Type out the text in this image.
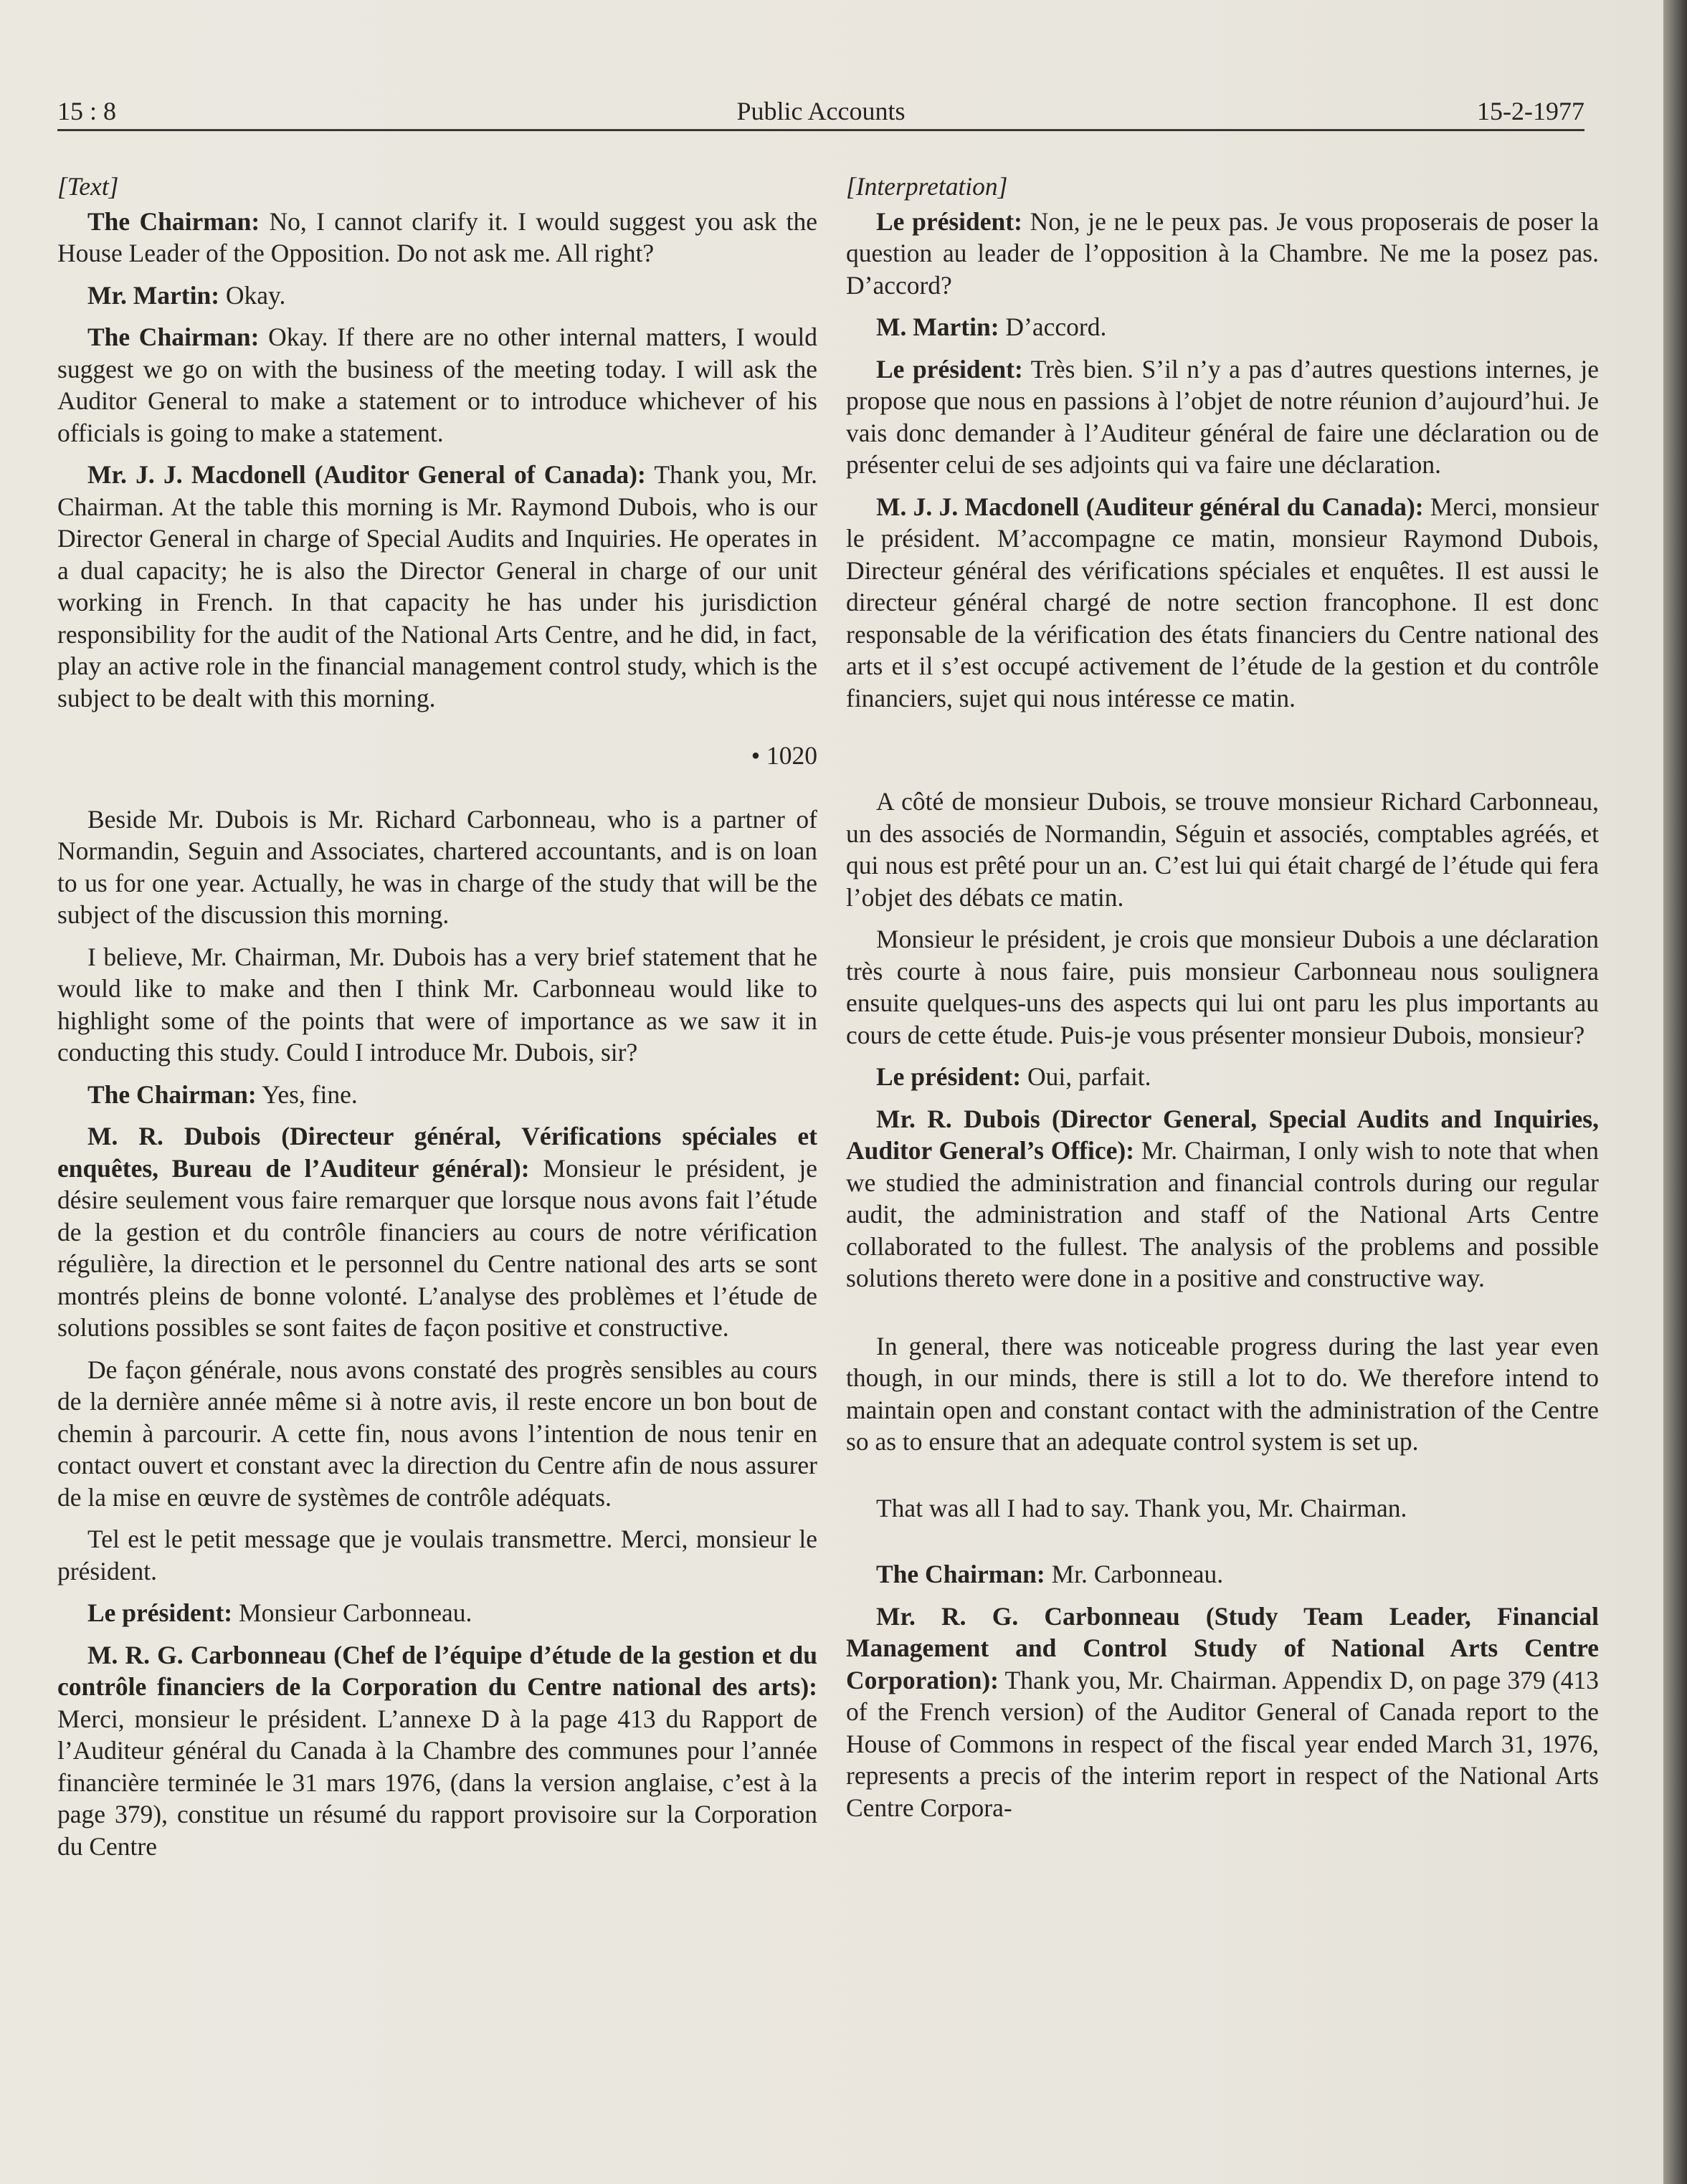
15 : 8	Public Accounts	15-2-1977

[Text]

The Chairman: No, I cannot clarify it. I would suggest you ask the House Leader of the Opposition. Do not ask me. All right?

Mr. Martin: Okay.

The Chairman: Okay. If there are no other internal matters, I would suggest we go on with the business of the meeting today. I will ask the Auditor General to make a statement or to introduce whichever of his officials is going to make a statement.

Mr. J. J. Macdonell (Auditor General of Canada): Thank you, Mr. Chairman. At the table this morning is Mr. Raymond Dubois, who is our Director General in charge of Special Audits and Inquiries. He operates in a dual capacity; he is also the Director General in charge of our unit working in French. In that capacity he has under his jurisdiction responsibility for the audit of the National Arts Centre, and he did, in fact, play an active role in the financial management control study, which is the subject to be dealt with this morning.

• 1020

Beside Mr. Dubois is Mr. Richard Carbonneau, who is a partner of Normandin, Seguin and Associates, chartered accountants, and is on loan to us for one year. Actually, he was in charge of the study that will be the subject of the discussion this morning.

I believe, Mr. Chairman, Mr. Dubois has a very brief statement that he would like to make and then I think Mr. Carbonneau would like to highlight some of the points that were of importance as we saw it in conducting this study. Could I introduce Mr. Dubois, sir?

The Chairman: Yes, fine.

M. R. Dubois (Directeur général, Vérifications spéciales et enquêtes, Bureau de l’Auditeur général): Monsieur le président, je désire seulement vous faire remarquer que lorsque nous avons fait l’étude de la gestion et du contrôle financiers au cours de notre vérification régulière, la direction et le personnel du Centre national des arts se sont montrés pleins de bonne volonté. L’analyse des problèmes et l’étude de solutions possibles se sont faites de façon positive et constructive.

De façon générale, nous avons constaté des progrès sensibles au cours de la dernière année même si à notre avis, il reste encore un bon bout de chemin à parcourir. A cette fin, nous avons l’intention de nous tenir en contact ouvert et constant avec la direction du Centre afin de nous assurer de la mise en œuvre de systèmes de contrôle adéquats.

Tel est le petit message que je voulais transmettre. Merci, monsieur le président.

Le président: Monsieur Carbonneau.

M. R. G. Carbonneau (Chef de l’équipe d’étude de la gestion et du contrôle financiers de la Corporation du Centre national des arts): Merci, monsieur le président. L’annexe D à la page 413 du Rapport de l’Auditeur général du Canada à la Chambre des communes pour l’année financière terminée le 31 mars 1976, (dans la version anglaise, c’est à la page 379), constitue un résumé du rapport provisoire sur la Corporation du Centre

[Interpretation]

Le président: Non, je ne le peux pas. Je vous proposerais de poser la question au leader de l’opposition à la Chambre. Ne me la posez pas. D’accord?

M. Martin: D’accord.

Le président: Très bien. S’il n’y a pas d’autres questions internes, je propose que nous en passions à l’objet de notre réunion d’aujourd’hui. Je vais donc demander à l’Auditeur général de faire une déclaration ou de présenter celui de ses adjoints qui va faire une déclaration.

M. J. J. Macdonell (Auditeur général du Canada): Merci, monsieur le président. M’accompagne ce matin, monsieur Raymond Dubois, Directeur général des vérifications spéciales et enquêtes. Il est aussi le directeur général chargé de notre section francophone. Il est donc responsable de la vérification des états financiers du Centre national des arts et il s’est occupé activement de l’étude de la gestion et du contrôle financiers, sujet qui nous intéresse ce matin.

A côté de monsieur Dubois, se trouve monsieur Richard Carbonneau, un des associés de Normandin, Séguin et associés, comptables agréés, et qui nous est prêté pour un an. C’est lui qui était chargé de l’étude qui fera l’objet des débats ce matin.

Monsieur le président, je crois que monsieur Dubois a une déclaration très courte à nous faire, puis monsieur Carbonneau nous soulignera ensuite quelques-uns des aspects qui lui ont paru les plus importants au cours de cette étude. Puis-je vous présenter monsieur Dubois, monsieur?

Le président: Oui, parfait.

Mr. R. Dubois (Director General, Special Audits and Inquiries, Auditor General’s Office): Mr. Chairman, I only wish to note that when we studied the administration and financial controls during our regular audit, the administration and staff of the National Arts Centre collaborated to the fullest. The analysis of the problems and possible solutions thereto were done in a positive and constructive way.

In general, there was noticeable progress during the last year even though, in our minds, there is still a lot to do. We therefore intend to maintain open and constant contact with the administration of the Centre so as to ensure that an adequate control system is set up.

That was all I had to say. Thank you, Mr. Chairman.

The Chairman: Mr. Carbonneau.

Mr. R. G. Carbonneau (Study Team Leader, Financial Management and Control Study of National Arts Centre Corporation): Thank you, Mr. Chairman. Appendix D, on page 379 (413 of the French version) of the Auditor General of Canada report to the House of Commons in respect of the fiscal year ended March 31, 1976, represents a precis of the interim report in respect of the National Arts Centre Corpora-
